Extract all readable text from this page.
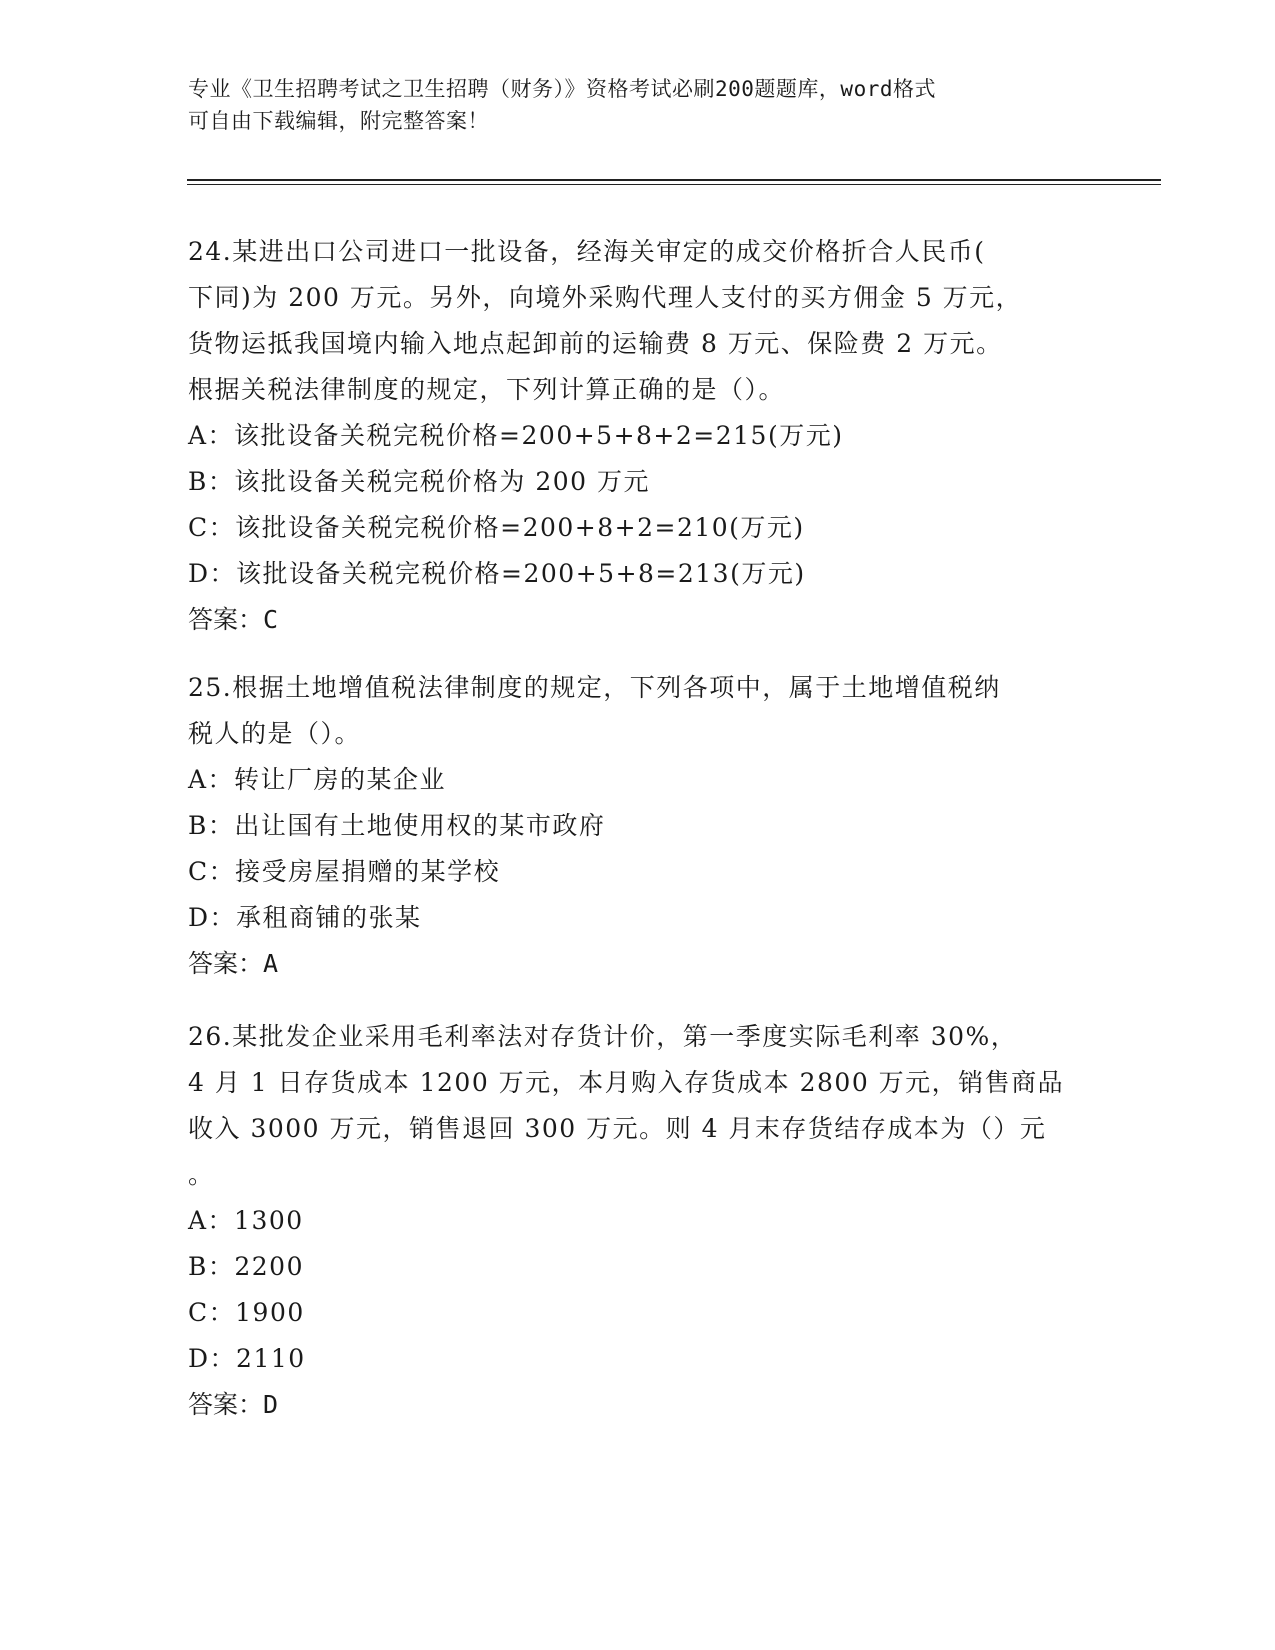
专业《卫生招聘考试之卫生招聘（财务）》资格考试必刷200题题库，word格式

可自由下载编辑，附完整答案！

24.某进出口公司进口一批设备，经海关审定的成交价格折合人民币(
下同)为 200 万元。另外，向境外采购代理人支付的买方佣金 5 万元，
货物运抵我国境内输入地点起卸前的运输费 8 万元、保险费 2 万元。
根据关税法律制度的规定，下列计算正确的是（）。
A：该批设备关税完税价格=200+5+8+2=215(万元)
B：该批设备关税完税价格为 200 万元
C：该批设备关税完税价格=200+8+2=210(万元)
D：该批设备关税完税价格=200+5+8=213(万元)
答案：C
25.根据土地增值税法律制度的规定，下列各项中，属于土地增值税纳
税人的是（）。
A：转让厂房的某企业
B：出让国有土地使用权的某市政府
C：接受房屋捐赠的某学校
D：承租商铺的张某
答案：A
26.某批发企业采用毛利率法对存货计价，第一季度实际毛利率 30%，
4 月 1 日存货成本 1200 万元，本月购入存货成本 2800 万元，销售商品
收入 3000 万元，销售退回 300 万元。则 4 月末存货结存成本为（）元
。
A：1300
B：2200
C：1900
D：2110
答案：D
